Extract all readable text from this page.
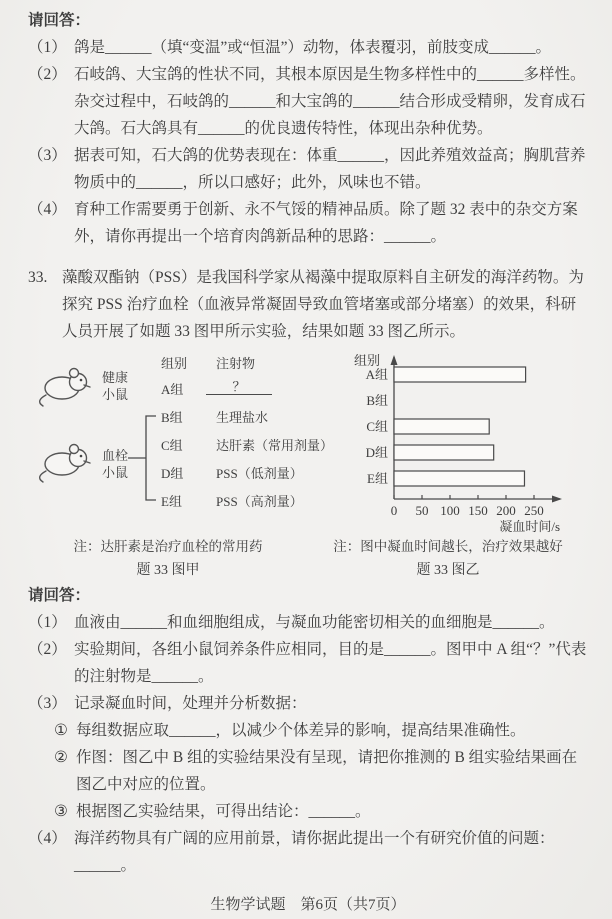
请回答：
（1） 鸽是______（填“变温”或“恒温”）动物，体表覆羽，前肢变成______。
（2） 石岐鸽、大宝鸽的性状不同，其根本原因是生物多样性中的______多样性。杂交过程中，石岐鸽的______和大宝鸽的______结合形成受精卵，发育成石大鸽。石大鸽具有______的优良遗传特性，体现出杂种优势。
（3） 据表可知，石大鸽的优势表现在：体重______，因此养殖效益高；胸肌营养物质中的______，所以口感好；此外，风味也不错。
（4） 育种工作需要勇于创新、永不气馁的精神品质。除了题 32 表中的杂交方案外，请你再提出一个培育肉鸽新品种的思路：______。
33. 藻酸双酯钠（PSS）是我国科学家从褐藻中提取原料自主研发的海洋药物。为探究 PSS 治疗血栓（血液异常凝固导致血管堵塞或部分堵塞）的效果，科研人员开展了如题 33 图甲所示实验，结果如题 33 图乙所示。
健康
小鼠
血栓
小鼠
组别 注射物
A组	？
B组	生理盐水
C组	达肝素（常用剂量）
D组	PSS（低剂量）
E组	PSS（高剂量）
组别
A组
B组
C组
D组
E组
0 50 100 150 200 250
凝血时间/s
注：达肝素是治疗血栓的常用药
题 33 图甲
注：图中凝血时间越长，治疗效果越好
题 33 图乙
请回答：
（1） 血液由______和血细胞组成，与凝血功能密切相关的血细胞是______。
（2） 实验期间，各组小鼠饲养条件应相同，目的是______。图甲中 A 组“？”代表的注射物是______。
（3） 记录凝血时间，处理并分析数据：
① 每组数据应取______，以减少个体差异的影响，提高结果准确性。
② 作图：图乙中 B 组的实验结果没有呈现，请把你推测的 B 组实验结果画在图乙中对应的位置。
③ 根据图乙实验结果，可得出结论：______。
（4） 海洋药物具有广阔的应用前景，请你据此提出一个有研究价值的问题：______。
生物学试题　第6页（共7页）
